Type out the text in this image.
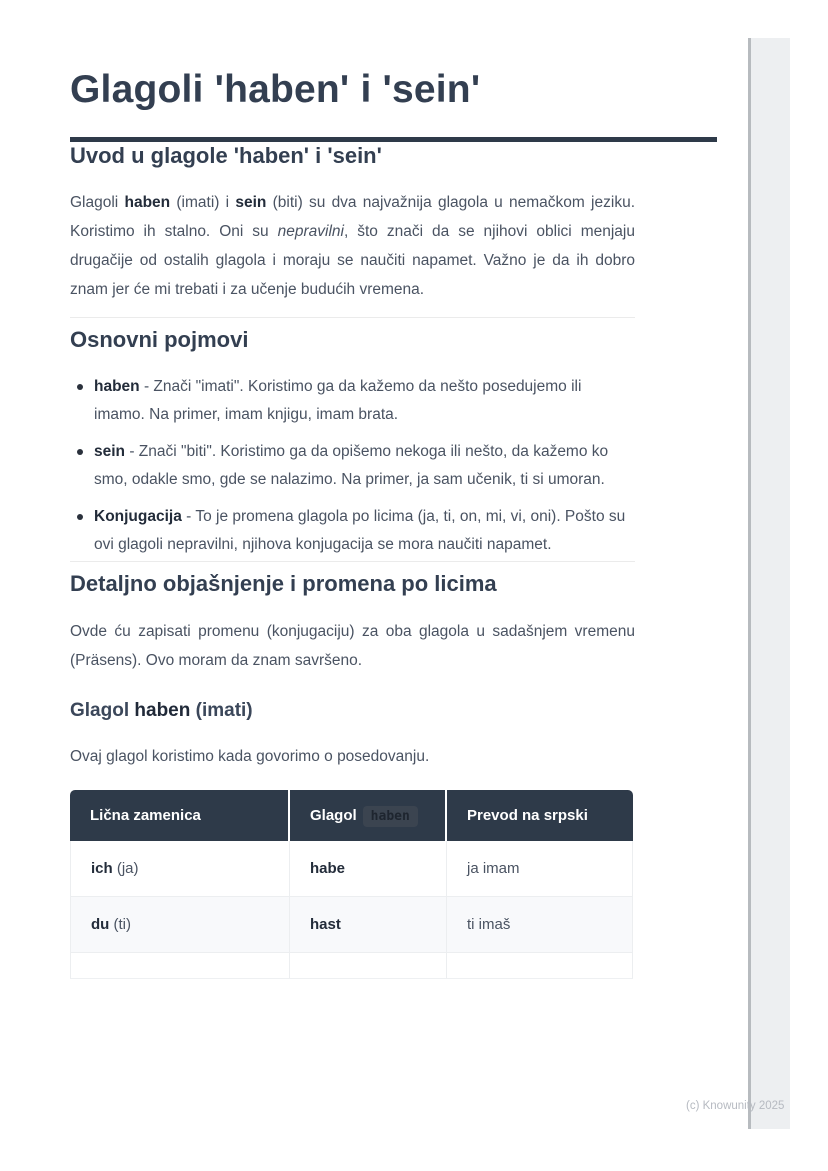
Glagoli 'haben' i 'sein'
Uvod u glagole 'haben' i 'sein'

Glagoli haben (imati) i sein (biti) su dva najvažnija glagola u nemačkom jeziku. Koristimo ih stalno. Oni su nepravilni, što znači da se njihovi oblici menjaju drugačije od ostalih glagola i moraju se naučiti napamet. Važno je da ih dobro znam jer će mi trebati i za učenje budućih vremena.

Osnovni pojmovi
haben - Znači "imati". Koristimo ga da kažemo da nešto posedujemo ili imamo. Na primer, imam knjigu, imam brata.
sein - Znači "biti". Koristimo ga da opišemo nekoga ili nešto, da kažemo ko smo, odakle smo, gde se nalazimo. Na primer, ja sam učenik, ti si umoran.
Konjugacija - To je promena glagola po licima (ja, ti, on, mi, vi, oni). Pošto su ovi glagoli nepravilni, njihova konjugacija se mora naučiti napamet.
Detaljno objašnjenje i promena po licima

Ovde ću zapisati promenu (konjugaciju) za oba glagola u sadašnjem vremenu (Präsens). Ovo moram da znam savršeno.

Glagol haben (imati)

Ovaj glagol koristimo kada govorimo o posedovanju.

Lična zamenica	Glagol haben	Prevod na srpski
ich (ja)	habe	ja imam
du (ti)	hast	ti imaš

(c) Knowunity 2025
